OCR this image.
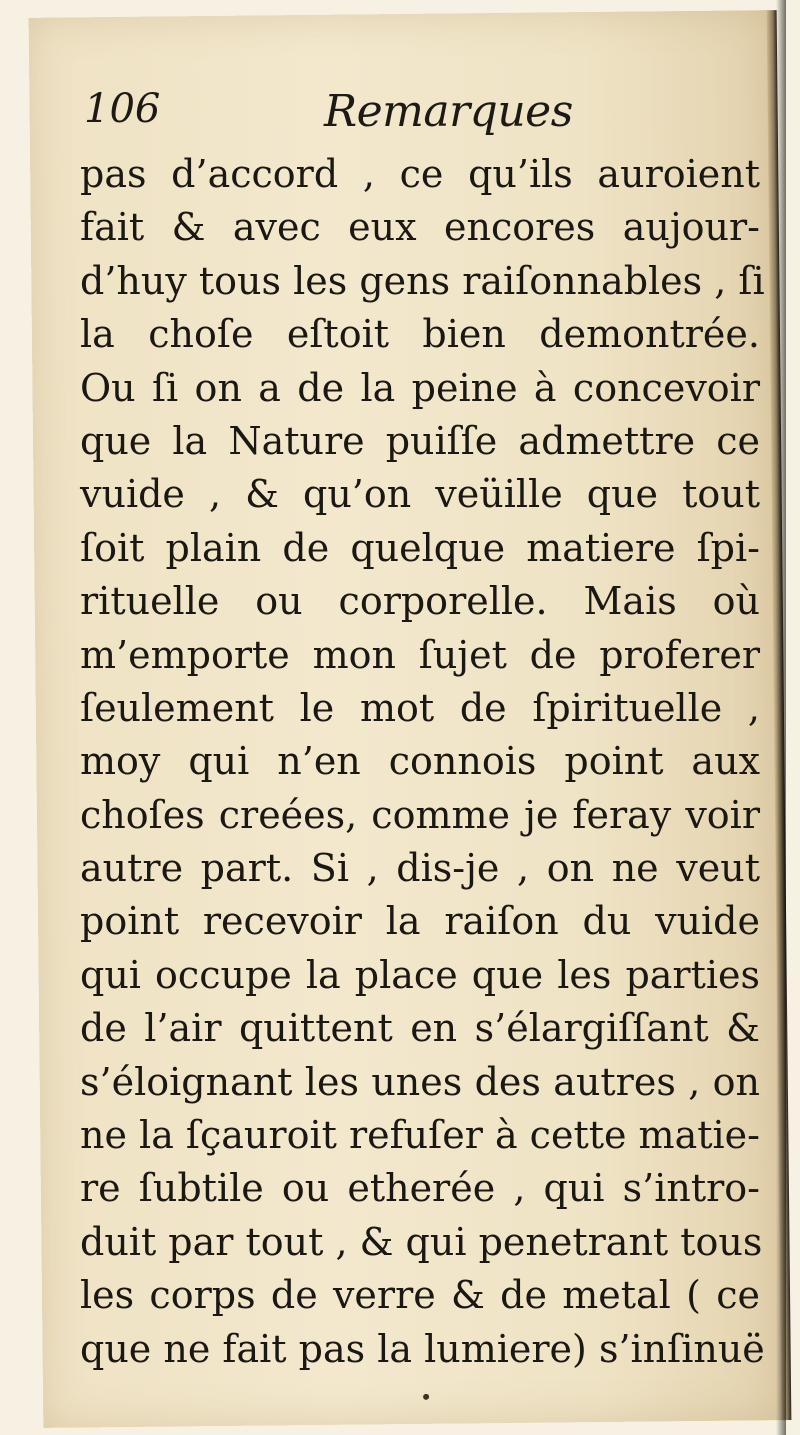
106	Remarques
pas d’accord , ce qu’ils auroient
fait & avec eux encores aujour-
d’huy tous les gens raiſonnables , ſi
la choſe eſtoit bien demontrée.
Ou ſi on a de la peine à concevoir
que la Nature puiſſe admettre ce
vuide , & qu’on veüille que tout
ſoit plain de quelque matiere ſpi-
rituelle ou corporelle. Mais où
m’emporte mon ſujet de proferer
ſeulement le mot de ſpirituelle ,
moy qui n’en connois point aux
choſes creées, comme je feray voir
autre part. Si , dis-je , on ne veut
point recevoir la raiſon du vuide
qui occupe la place que les parties
de l’air quittent en s’élargiſſant &
s’éloignant les unes des autres , on
ne la ſçauroit refuſer à cette matie-
re ſubtile ou etherée , qui s’intro-
duit par tout , & qui penetrant tous
les corps de verre & de metal ( ce
que ne fait pas la lumiere) s’inſinuë
